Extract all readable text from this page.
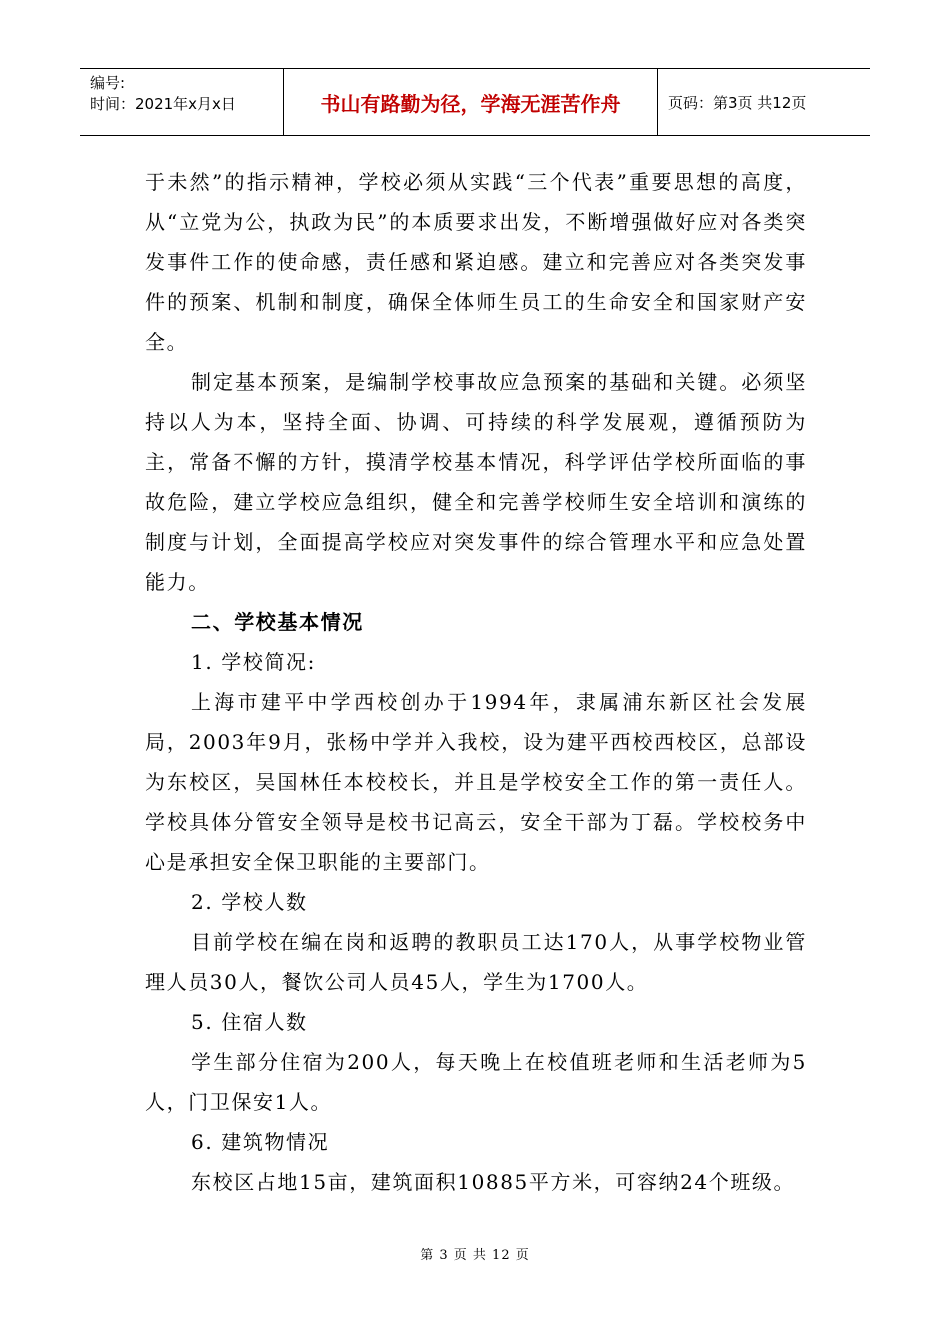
编号:
时间：2021年x月x日	书山有路勤为径，学海无涯苦作舟	页码：第3页 共12页

于未然”的指示精神，学校必须从实践“三个代表”重要思想的高度，从“立党为公，执政为民”的本质要求出发，不断增强做好应对各类突发事件工作的使命感，责任感和紧迫感。建立和完善应对各类突发事件的预案、机制和制度，确保全体师生员工的生命安全和国家财产安全。

制定基本预案，是编制学校事故应急预案的基础和关键。必须坚持以人为本，坚持全面、协调、可持续的科学发展观，遵循预防为主，常备不懈的方针，摸清学校基本情况，科学评估学校所面临的事故危险，建立学校应急组织，健全和完善学校师生安全培训和演练的制度与计划，全面提高学校应对突发事件的综合管理水平和应急处置能力。

二、学校基本情况

1. 学校简况:

上海市建平中学西校创办于1994年，隶属浦东新区社会发展局，2003年9月，张杨中学并入我校，设为建平西校西校区，总部设为东校区，吴国林任本校校长，并且是学校安全工作的第一责任人。学校具体分管安全领导是校书记高云，安全干部为丁磊。学校校务中心是承担安全保卫职能的主要部门。

2. 学校人数

目前学校在编在岗和返聘的教职员工达170人，从事学校物业管理人员30人，餐饮公司人员45人，学生为1700人。

5. 住宿人数

学生部分住宿为200人，每天晚上在校值班老师和生活老师为5人，门卫保安1人。

6. 建筑物情况

东校区占地15亩，建筑面积10885平方米，可容纳24个班级。

第 3 页 共 12 页
